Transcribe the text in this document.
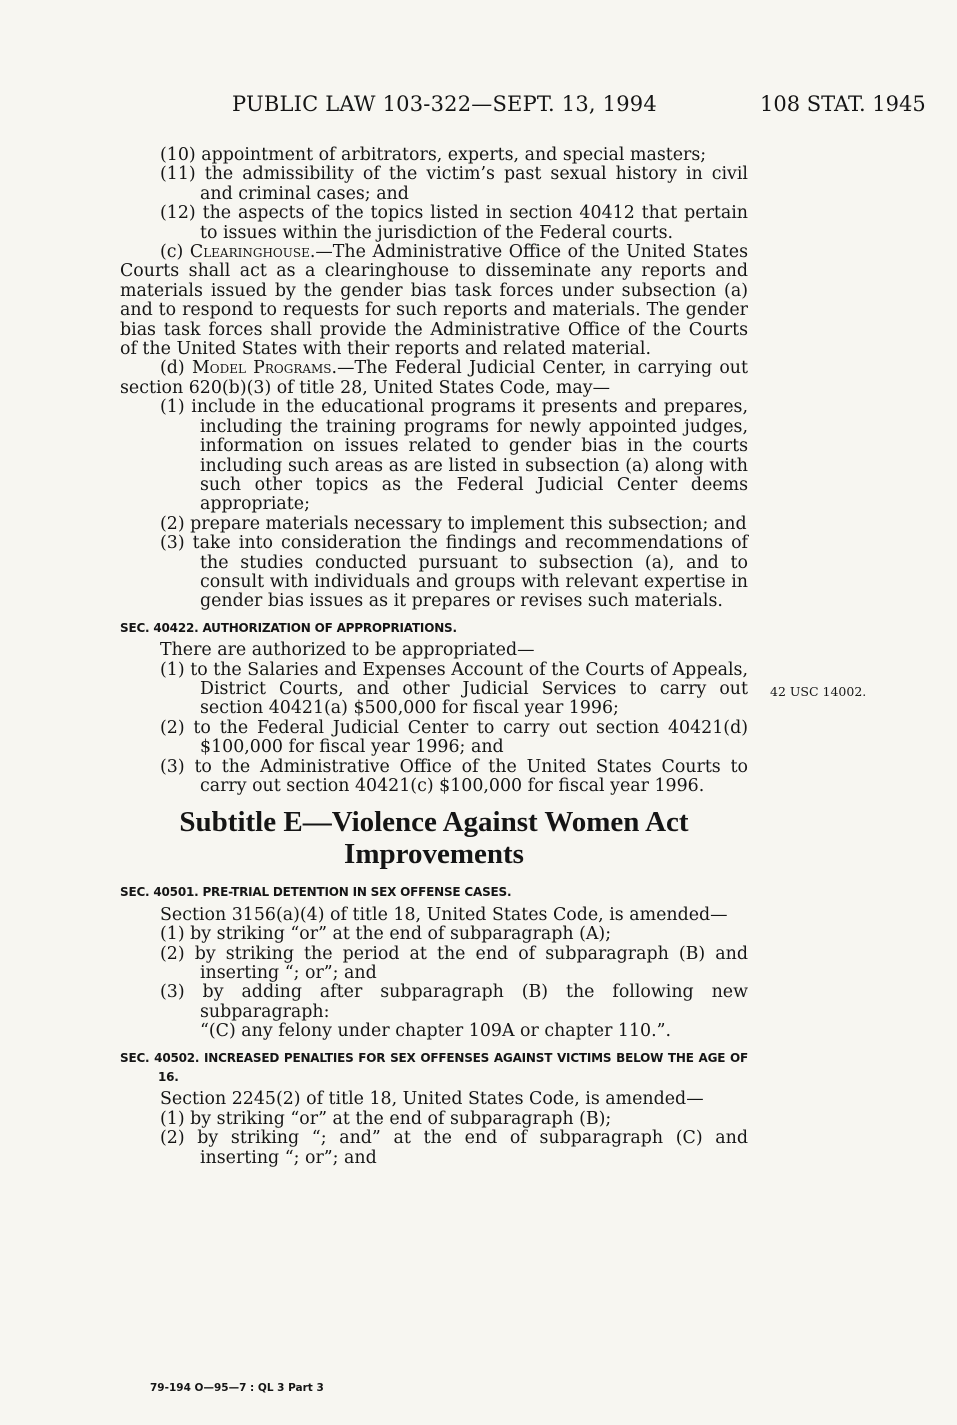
PUBLIC LAW 103-322—SEPT. 13, 1994	108 STAT. 1945

(10) appointment of arbitrators, experts, and special masters;

(11) the admissibility of the victim’s past sexual history in civil and criminal cases; and

(12) the aspects of the topics listed in section 40412 that pertain to issues within the jurisdiction of the Federal courts.

(c) Clearinghouse.—The Administrative Office of the United States Courts shall act as a clearinghouse to disseminate any reports and materials issued by the gender bias task forces under subsection (a) and to respond to requests for such reports and materials. The gender bias task forces shall provide the Administrative Office of the Courts of the United States with their reports and related material.

(d) Model Programs.—The Federal Judicial Center, in carrying out section 620(b)(3) of title 28, United States Code, may—

(1) include in the educational programs it presents and prepares, including the training programs for newly appointed judges, information on issues related to gender bias in the courts including such areas as are listed in subsection (a) along with such other topics as the Federal Judicial Center deems appropriate;

(2) prepare materials necessary to implement this subsection; and

(3) take into consideration the findings and recommendations of the studies conducted pursuant to subsection (a), and to consult with individuals and groups with relevant expertise in gender bias issues as it prepares or revises such materials.

SEC. 40422. AUTHORIZATION OF APPROPRIATIONS.

There are authorized to be appropriated—

(1) to the Salaries and Expenses Account of the Courts of Appeals, District Courts, and other Judicial Services to carry out section 40421(a) $500,000 for fiscal year 1996;

(2) to the Federal Judicial Center to carry out section 40421(d) $100,000 for fiscal year 1996; and

(3) to the Administrative Office of the United States Courts to carry out section 40421(c) $100,000 for fiscal year 1996.

Subtitle E—Violence Against Women Act
Improvements

SEC. 40501. PRE-TRIAL DETENTION IN SEX OFFENSE CASES.

Section 3156(a)(4) of title 18, United States Code, is amended—

(1) by striking “or” at the end of subparagraph (A);

(2) by striking the period at the end of subparagraph (B) and inserting “; or”; and

(3) by adding after subparagraph (B) the following new subparagraph:

“(C) any felony under chapter 109A or chapter 110.”.

SEC. 40502. INCREASED PENALTIES FOR SEX OFFENSES AGAINST VICTIMS BELOW THE AGE OF 16.

Section 2245(2) of title 18, United States Code, is amended—

(1) by striking “or” at the end of subparagraph (B);

(2) by striking “; and” at the end of subparagraph (C) and inserting “; or”; and

42 USC 14002.
79-194 O—95—7 : QL 3 Part 3
